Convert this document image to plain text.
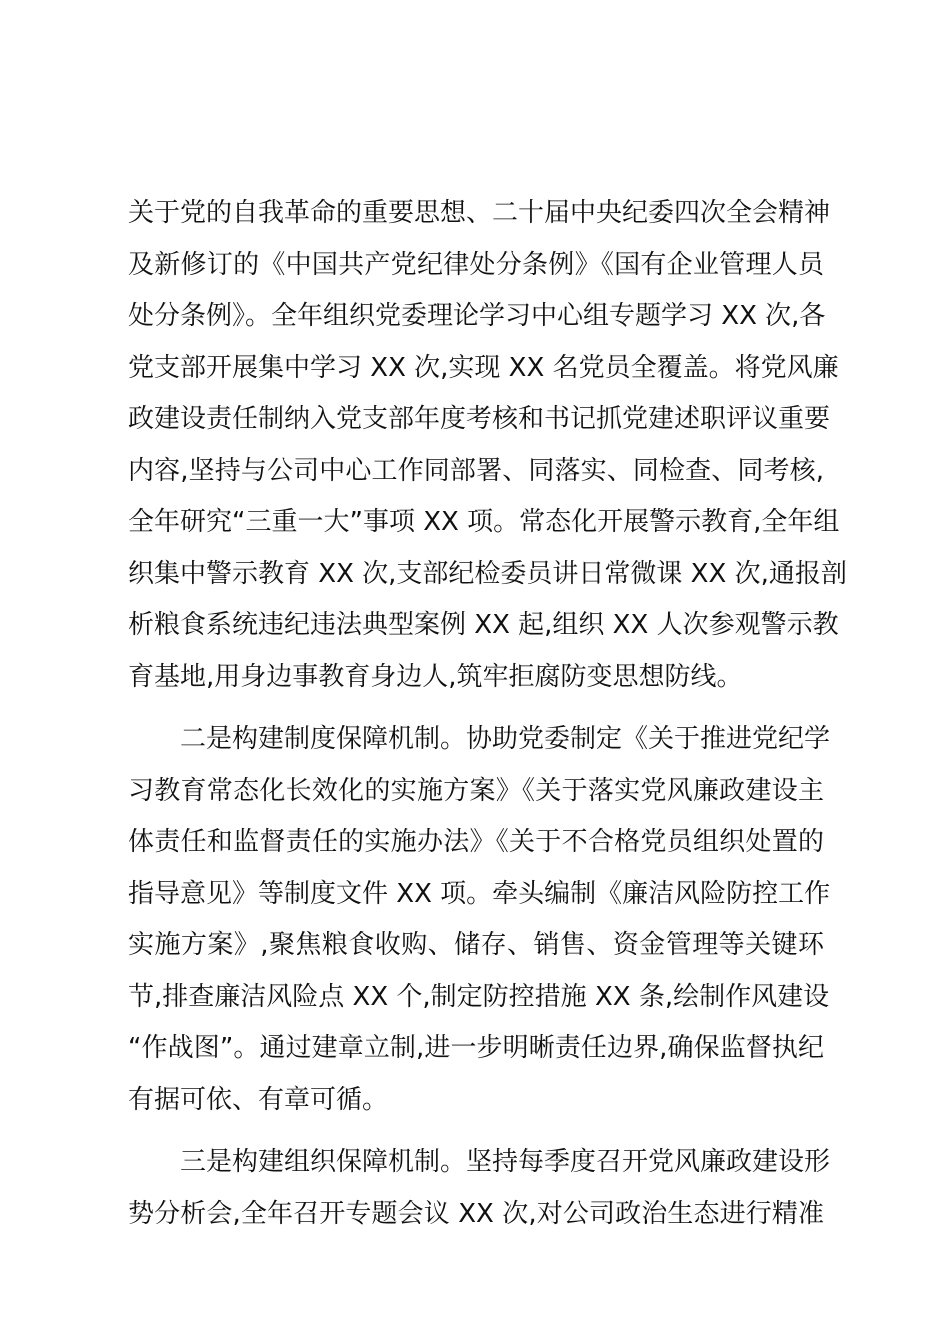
关于党的自我革命的重要思想、二十届中央纪委四次全会精神
及新修订的《中国共产党纪律处分条例》《国有企业管理人员
处分条例》。全年组织党委理论学习中心组专题学习 XX 次,各
党支部开展集中学习 XX 次,实现 XX 名党员全覆盖。将党风廉
政建设责任制纳入党支部年度考核和书记抓党建述职评议重要
内容,坚持与公司中心工作同部署、同落实、同检查、同考核,
全年研究“三重一大”事项 XX 项。常态化开展警示教育,全年组
织集中警示教育 XX 次,支部纪检委员讲日常微课 XX 次,通报剖
析粮食系统违纪违法典型案例 XX 起,组织 XX 人次参观警示教
育基地,用身边事教育身边人,筑牢拒腐防变思想防线。
二是构建制度保障机制。协助党委制定《关于推进党纪学
习教育常态化长效化的实施方案》《关于落实党风廉政建设主
体责任和监督责任的实施办法》《关于不合格党员组织处置的
指导意见》等制度文件 XX 项。牵头编制《廉洁风险防控工作
实施方案》,聚焦粮食收购、储存、销售、资金管理等关键环
节,排查廉洁风险点 XX 个,制定防控措施 XX 条,绘制作风建设
“作战图”。通过建章立制,进一步明晰责任边界,确保监督执纪
有据可依、有章可循。
三是构建组织保障机制。坚持每季度召开党风廉政建设形
势分析会,全年召开专题会议 XX 次,对公司政治生态进行精准
